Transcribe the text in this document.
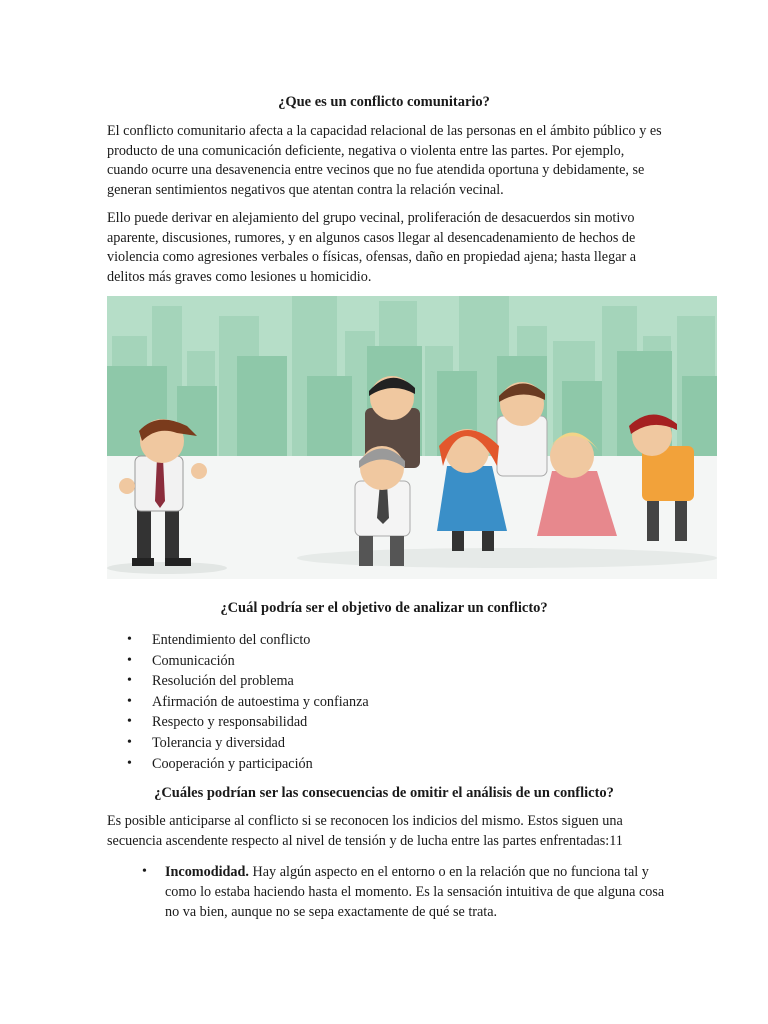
¿Que es un conflicto comunitario?

El conflicto comunitario afecta a la capacidad relacional de las personas en el ámbito público y es producto de una comunicación deficiente, negativa o violenta entre las partes. Por ejemplo, cuando ocurre una desavenencia entre vecinos que no fue atendida oportuna y debidamente, se generan sentimientos negativos que atentan contra la relación vecinal.

Ello puede derivar en alejamiento del grupo vecinal, proliferación de desacuerdos sin motivo aparente, discusiones, rumores, y en algunos casos llegar al desencadenamiento de hechos de violencia como agresiones verbales o físicas, ofensas, daño en propiedad ajena; hasta llegar a delitos más graves como lesiones u homicidio.

¿Cuál podría ser el objetivo de analizar un conflicto?
• Entendimiento del conflicto
• Comunicación
• Resolución del problema
• Afirmación de autoestima y confianza
• Respecto y responsabilidad
• Tolerancia y diversidad
• Cooperación y participación
¿Cuáles podrían ser las consecuencias de omitir el análisis de un conflicto?

Es posible anticiparse al conflicto si se reconocen los indicios del mismo. Estos siguen una secuencia ascendente respecto al nivel de tensión y de lucha entre las partes enfrentadas:11

• Incomodidad. Hay algún aspecto en el entorno o en la relación que no funciona tal y como lo estaba haciendo hasta el momento. Es la sensación intuitiva de que alguna cosa no va bien, aunque no se sepa exactamente de qué se trata.
